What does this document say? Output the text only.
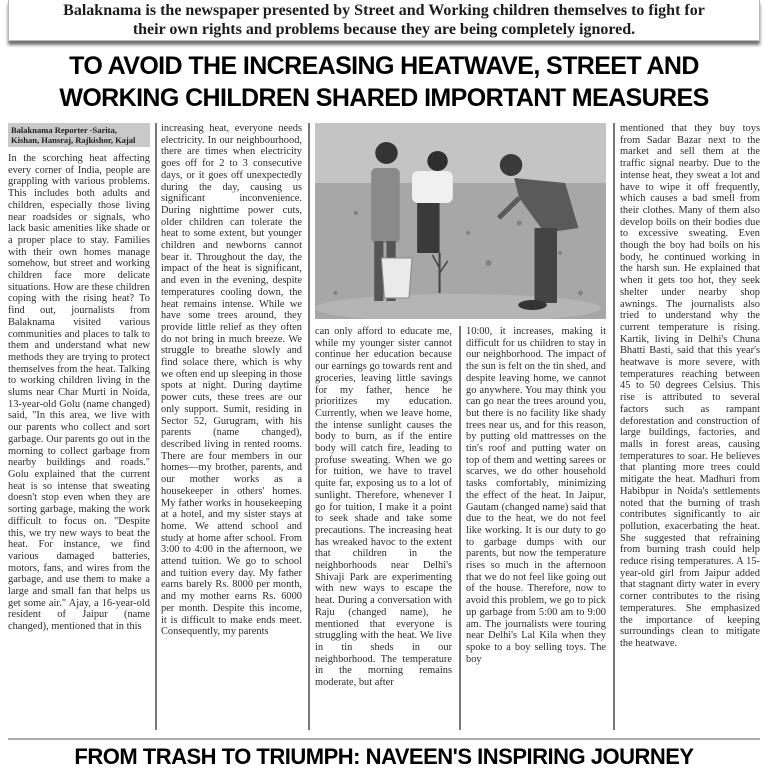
Balaknama is the newspaper presented by Street and Working children themselves to fight for
their own rights and problems because they are being completely ignored.
TO AVOID THE INCREASING HEATWAVE, STREET AND
WORKING CHILDREN SHARED IMPORTANT MEASURES
Balaknama Reporter -Sarita, Kishan, Hansraj, Rajkishor, Kajal
In the scorching heat affecting every corner of India, people are grappling with various problems. This includes both adults and children, especially those living near roadsides or signals, who lack basic amenities like shade or a proper place to stay. Families with their own homes manage somehow, but street and working children face more delicate situations. How are these children coping with the rising heat? To find out, journalists from Balaknama visited various communities and places to talk to them and understand what new methods they are trying to protect themselves from the heat. Talking to working children living in the slums near Char Murti in Noida, 13-year-old Golu (name changed) said, "In this area, we live with our parents who collect and sort garbage. Our parents go out in the morning to collect garbage from nearby buildings and roads." Golu explained that the current heat is so intense that sweating doesn't stop even when they are sorting garbage, making the work difficult to focus on. "Despite this, we try new ways to beat the heat. For instance, we find various damaged batteries, motors, fans, and wires from the garbage, and use them to make a large and small fan that helps us get some air." Ajay, a 16-year-old resident of Jaipur (name changed), mentioned that in this
increasing heat, everyone needs electricity. In our neighbourhood, there are times when electricity goes off for 2 to 3 consecutive days, or it goes off unexpectedly during the day, causing us significant inconvenience. During nighttime power cuts, older children can tolerate the heat to some extent, but younger children and newborns cannot bear it. Throughout the day, the impact of the heat is significant, and even in the evening, despite temperatures cooling down, the heat remains intense. While we have some trees around, they provide little relief as they often do not bring in much breeze. We struggle to breathe slowly and find solace there, which is why we often end up sleeping in those spots at night. During daytime power cuts, these trees are our only support. Sumit, residing in Sector 52, Gurugram, with his parents (name changed), described living in rented rooms. There are four members in our homes—my brother, parents, and our mother works as a housekeeper in others' homes. My father works in housekeeping at a hotel, and my sister stays at home. We attend school and study at home after school. From 3:00 to 4:00 in the afternoon, we attend tuition. We go to school and tuition every day. My father earns barely Rs. 8000 per month, and my mother earns Rs. 6000 per month. Despite this income, it is difficult to make ends meet. Consequently, my parents
can only afford to educate me, while my younger sister cannot continue her education because our earnings go towards rent and groceries, leaving little savings for my father, hence he prioritizes my education. Currently, when we leave home, the intense sunlight causes the body to burn, as if the entire body will catch fire, leading to profuse sweating. When we go for tuition, we have to travel quite far, exposing us to a lot of sunlight. Therefore, whenever I go for tuition, I make it a point to seek shade and take some precautions. The increasing heat has wreaked havoc to the extent that children in the neighborhoods near Delhi's Shivaji Park are experimenting with new ways to escape the heat. During a conversation with Raju (changed name), he mentioned that everyone is struggling with the heat. We live in tin sheds in our neighborhood. The temperature in the morning remains moderate, but after
10:00, it increases, making it difficult for us children to stay in our neighborhood. The impact of the sun is felt on the tin shed, and despite leaving home, we cannot go anywhere. You may think you can go near the trees around you, but there is no facility like shady trees near us, and for this reason, by putting old mattresses on the tin's roof and putting water on top of them and wetting sarees or scarves, we do other household tasks comfortably, minimizing the effect of the heat. In Jaipur, Gautam (changed name) said that due to the heat, we do not feel like working. It is our duty to go to garbage dumps with our parents, but now the temperature rises so much in the afternoon that we do not feel like going out of the house. Therefore, now to avoid this problem, we go to pick up garbage from 5:00 am to 9:00 am. The journalists were touring near Delhi's Lal Kila when they spoke to a boy selling toys. The boy
mentioned that they buy toys from Sadar Bazar next to the market and sell them at the traffic signal nearby. Due to the intense heat, they sweat a lot and have to wipe it off frequently, which causes a bad smell from their clothes. Many of them also develop boils on their bodies due to excessive sweating. Even though the boy had boils on his body, he continued working in the harsh sun. He explained that when it gets too hot, they seek shelter under nearby shop awnings. The journalists also tried to understand why the current temperature is rising. Kartik, living in Delhi's Chuna Bhatti Basti, said that this year's heatwave is more severe, with temperatures reaching between 45 to 50 degrees Celsius. This rise is attributed to several factors such as rampant deforestation and construction of large buildings, factories, and malls in forest areas, causing temperatures to soar. He believes that planting more trees could mitigate the heat. Madhuri from Habibpur in Noida's settlements noted that the burning of trash contributes significantly to air pollution, exacerbating the heat. She suggested that refraining from burning trash could help reduce rising temperatures. A 15-year-old girl from Jaipur added that stagnant dirty water in every corner contributes to the rising temperatures. She emphasized the importance of keeping surroundings clean to mitigate the heatwave.
FROM TRASH TO TRIUMPH: NAVEEN'S INSPIRING JOURNEY
